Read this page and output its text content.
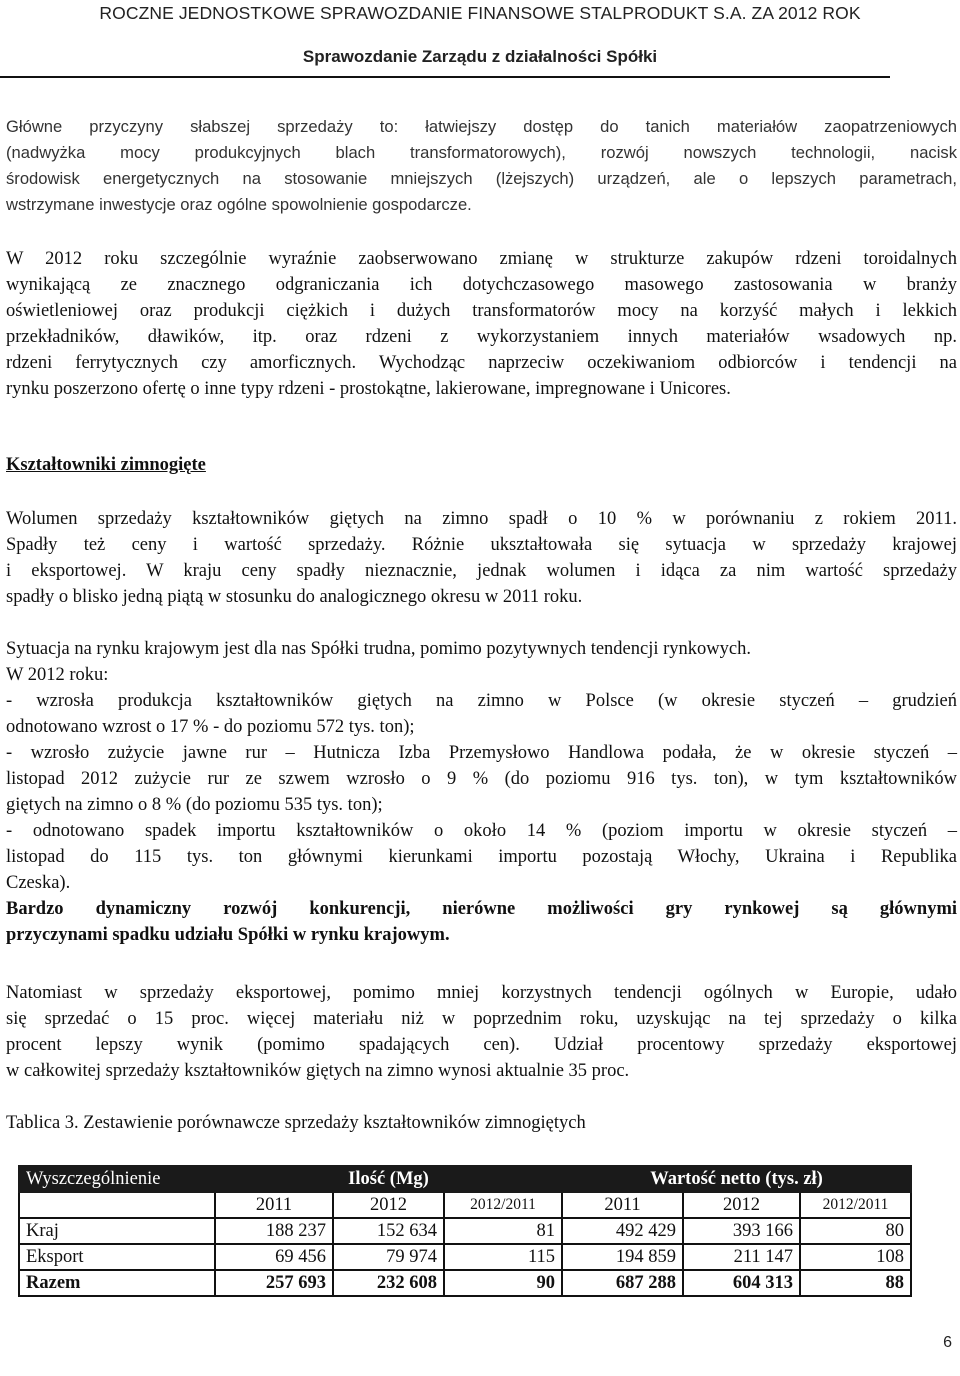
ROCZNE JEDNOSTKOWE SPRAWOZDANIE FINANSOWE STALPRODUKT S.A. ZA 2012 ROK
Sprawozdanie Zarządu z działalności Spółki

Główne przyczyny słabszej sprzedaży to: łatwiejszy dostęp do tanich materiałów zaopatrzeniowych
(nadwyżka mocy produkcyjnych blach transformatorowych), rozwój nowszych technologii, nacisk
środowisk energetycznych na stosowanie mniejszych (lżejszych) urządzeń, ale o lepszych parametrach,
wstrzymane inwestycje oraz ogólne spowolnienie gospodarcze.

W 2012 roku szczególnie wyraźnie zaobserwowano zmianę w strukturze zakupów rdzeni toroidalnych
wynikającą ze znacznego odgraniczania ich dotychczasowego masowego zastosowania w branży
oświetleniowej oraz produkcji ciężkich i dużych transformatorów mocy na korzyść małych i lekkich
przekładników, dławików, itp. oraz rdzeni z wykorzystaniem innych materiałów wsadowych np.
rdzeni ferrytycznych czy amorficznych. Wychodząc naprzeciw oczekiwaniom odbiorców i tendencji na
rynku poszerzono ofertę o inne typy rdzeni - prostokątne, lakierowane, impregnowane i Unicores.

Kształtowniki zimnogięte

Wolumen sprzedaży kształtowników giętych na zimno spadł o 10 % w porównaniu z rokiem 2011.
Spadły też ceny i wartość sprzedaży. Różnie ukształtowała się sytuacja w sprzedaży krajowej
i eksportowej. W kraju ceny spadły nieznacznie, jednak wolumen i idąca za nim wartość sprzedaży
spadły o blisko jedną piątą w stosunku do analogicznego okresu w 2011 roku.

Sytuacja na rynku krajowym jest dla nas Spółki trudna, pomimo pozytywnych tendencji rynkowych.
W 2012 roku:
- wzrosła produkcja kształtowników giętych na zimno w Polsce (w okresie styczeń – grudzień
odnotowano wzrost o 17 % - do poziomu 572 tys. ton);
- wzrosło zużycie jawne rur – Hutnicza Izba Przemysłowo Handlowa podała, że w okresie styczeń –
listopad 2012 zużycie rur ze szwem wzrosło o 9 % (do poziomu 916 tys. ton), w tym kształtowników
giętych na zimno o 8 % (do poziomu 535 tys. ton);
- odnotowano spadek importu kształtowników o około 14 % (poziom importu w okresie styczeń –
listopad do 115 tys. ton głównymi kierunkami importu pozostają Włochy, Ukraina i Republika
Czeska).
Bardzo dynamiczny rozwój konkurencji, nierówne możliwości gry rynkowej są głównymi
przyczynami spadku udziału Spółki w rynku krajowym.

Natomiast w sprzedaży eksportowej, pomimo mniej korzystnych tendencji ogólnych w Europie, udało
się sprzedać o 15 proc. więcej materiału niż w poprzednim roku, uzyskując na tej sprzedaży o kilka
procent lepszy wynik (pomimo spadających cen). Udział procentowy sprzedaży eksportowej
w całkowitej sprzedaży kształtowników giętych na zimno wynosi aktualnie 35 proc.

Tablica 3. Zestawienie porównawcze sprzedaży kształtowników zimnogiętych
Wyszczególnienie	Ilość (Mg)			Wartość netto (tys. zł)		
	2011	2012	2012/2011	2011	2012	2012/2011
Kraj	188 237	152 634	81	492 429	393 166	80
Eksport	69 456	79 974	115	194 859	211 147	108
Razem	257 693	232 608	90	687 288	604 313	88
6
